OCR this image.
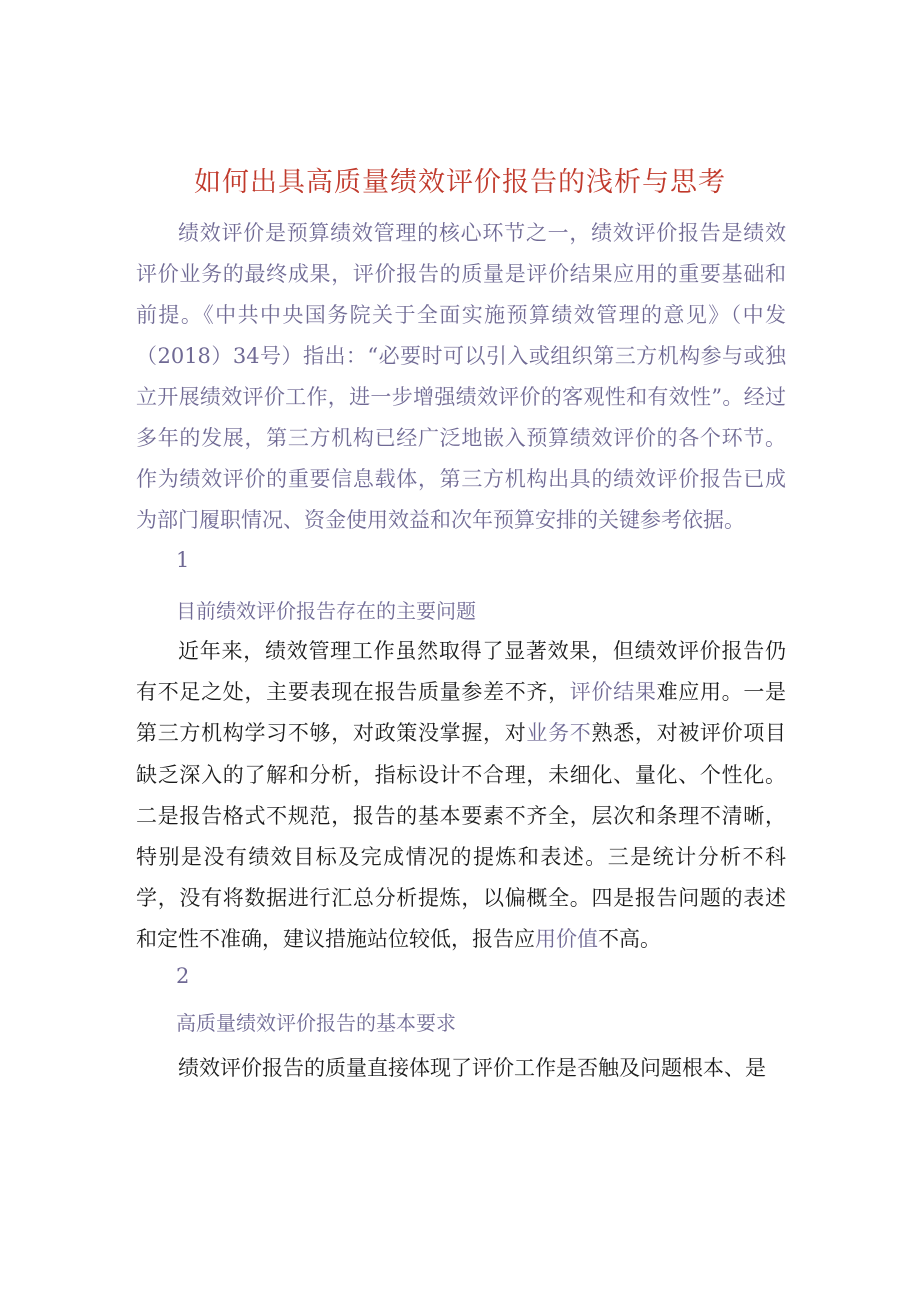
如何出具高质量绩效评价报告的浅析与思考
绩效评价是预算绩效管理的核心环节之一，绩效评价报告是绩效评价业务的最终成果，评价报告的质量是评价结果应用的重要基础和前提。《中共中央国务院关于全面实施预算绩效管理的意见》（中发（2018）34号）指出：“必要时可以引入或组织第三方机构参与或独立开展绩效评价工作，进一步增强绩效评价的客观性和有效性”。经过多年的发展，第三方机构已经广泛地嵌入预算绩效评价的各个环节。作为绩效评价的重要信息载体，第三方机构出具的绩效评价报告已成为部门履职情况、资金使用效益和次年预算安排的关键参考依据。
1
目前绩效评价报告存在的主要问题
近年来，绩效管理工作虽然取得了显著效果，但绩效评价报告仍有不足之处，主要表现在报告质量参差不齐，评价结果难应用。一是第三方机构学习不够，对政策没掌握，对业务不熟悉，对被评价项目缺乏深入的了解和分析，指标设计不合理，未细化、量化、个性化。二是报告格式不规范，报告的基本要素不齐全，层次和条理不清晰，特别是没有绩效目标及完成情况的提炼和表述。三是统计分析不科学，没有将数据进行汇总分析提炼，以偏概全。四是报告问题的表述和定性不准确，建议措施站位较低，报告应用价值不高。
2
高质量绩效评价报告的基本要求
绩效评价报告的质量直接体现了评价工作是否触及问题根本、是
